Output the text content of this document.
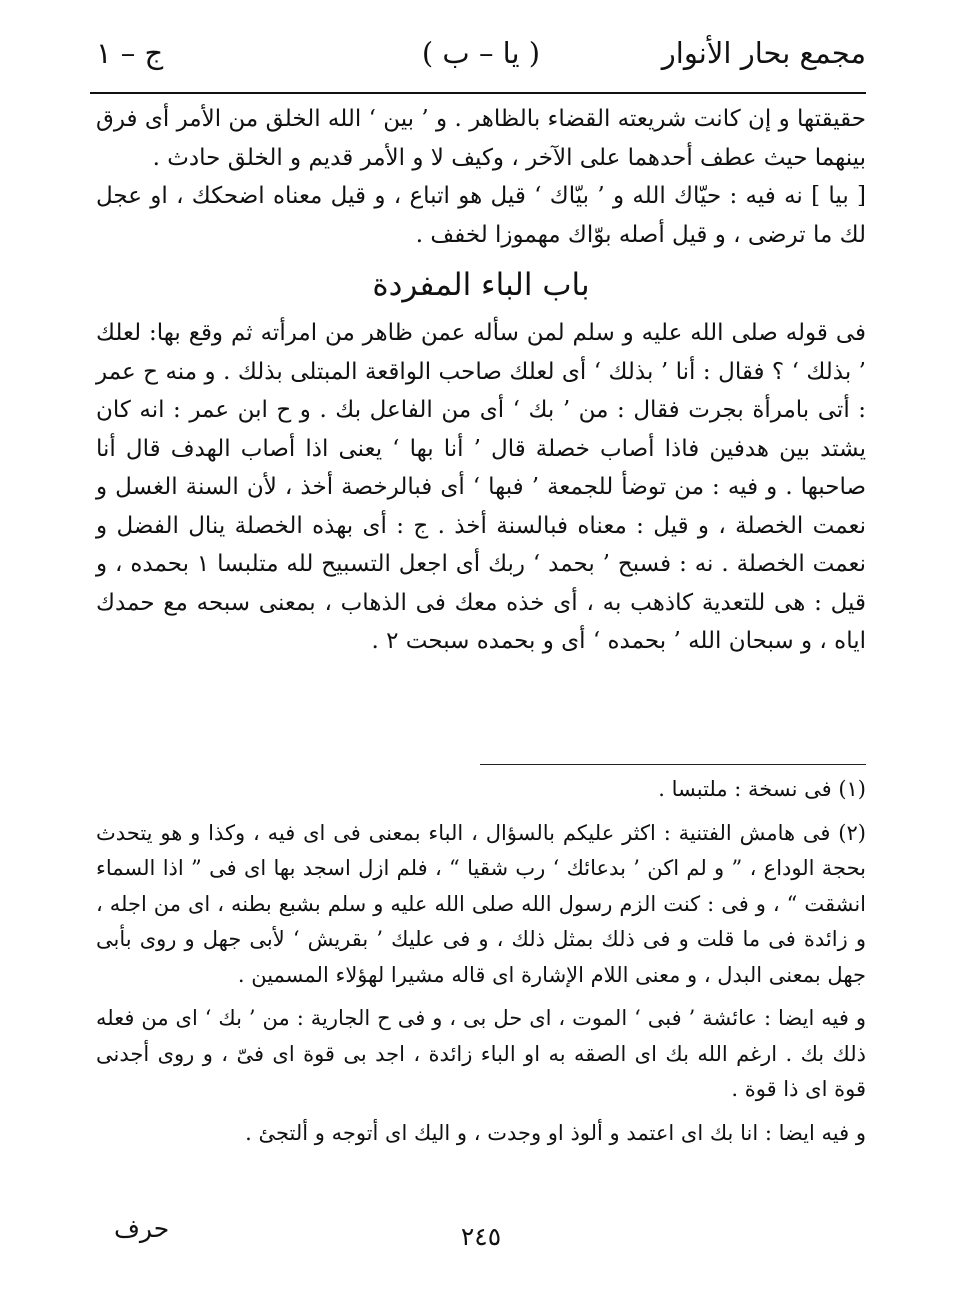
مجمع بحار الأنوار
( يا – ب )
ج – ١

حقيقتها و إن كانت شريعته القضاء بالظاهر . و ’ بين ‘ الله الخلق من الأمر أى فرق بينهما حيث عطف أحدهما على الآخر ، وكيف لا و الأمر قديم و الخلق حادث .

[ بيا ] نه فيه : حيّاك الله و ’ بيّاك ‘ قيل هو اتباع ، و قيل معناه اضحكك ، او عجل لك ما ترضى ، و قيل أصله بوّاك مهموزا لخفف .

باب الباء المفردة

فى قوله صلى الله عليه و سلم لمن سأله عمن ظاهر من امرأته ثم وقع بها: لعلك ’ بذلك ‘ ؟ فقال : أنا ’ بذلك ‘ أى لعلك صاحب الواقعة المبتلى بذلك . و منه ح عمر : أتى بامرأة بجرت فقال : من ’ بك ‘ أى من الفاعل بك . و ح ابن عمر : انه كان يشتد بين هدفين فاذا أصاب خصلة قال ’ أنا بها ‘ يعنى اذا أصاب الهدف قال أنا صاحبها . و فيه : من توضأ للجمعة ’ فبها ‘ أى فبالرخصة أخذ ، لأن السنة الغسل و نعمت الخصلة ، و قيل : معناه فبالسنة أخذ . ج : أى بهذه الخصلة ينال الفضل و نعمت الخصلة . نه : فسبح ’ بحمد ‘ ربك أى اجعل التسبيح لله متلبسا ١ بحمده ، و قيل : هى للتعدية كاذهب به ، أى خذه معك فى الذهاب ، بمعنى سبحه مع حمدك اياه ، و سبحان الله ’ بحمده ‘ أى و بحمده سبحت ٢ .

(١) فى نسخة : ملتبسا .

(٢) فى هامش الفتنية : اكثر عليكم بالسؤال ، الباء بمعنى فى اى فيه ، وكذا و هو يتحدث بحجة الوداع ، ” و لم اكن ’ بدعائك ‘ رب شقيا “ ، فلم ازل اسجد بها اى فى ” اذا السماء انشقت “ ، و فى : كنت الزم رسول الله صلى الله عليه و سلم بشبع بطنه ، اى من اجله ، و زائدة فى ما قلت و فى ذلك بمثل ذلك ، و فى عليك ’ بقريش ‘ لأبى جهل و روى بأبى جهل بمعنى البدل ، و معنى اللام الإشارة اى قاله مشيرا لهؤلاء المسمين .

و فيه ايضا : عائشة ’ فبى ‘ الموت ، اى حل بى ، و فى ح الجارية : من ’ بك ‘ اى من فعله ذلك بك . ارغم الله بك اى الصقه به او الباء زائدة ، اجد بى قوة اى فىّ ، و روى أجدنى قوة اى ذا قوة .

و فيه ايضا : انا بك اى اعتمد و ألوذ او وجدت ، و اليك اى أتوجه و ألتجئ .

٢٤٥
حرف
